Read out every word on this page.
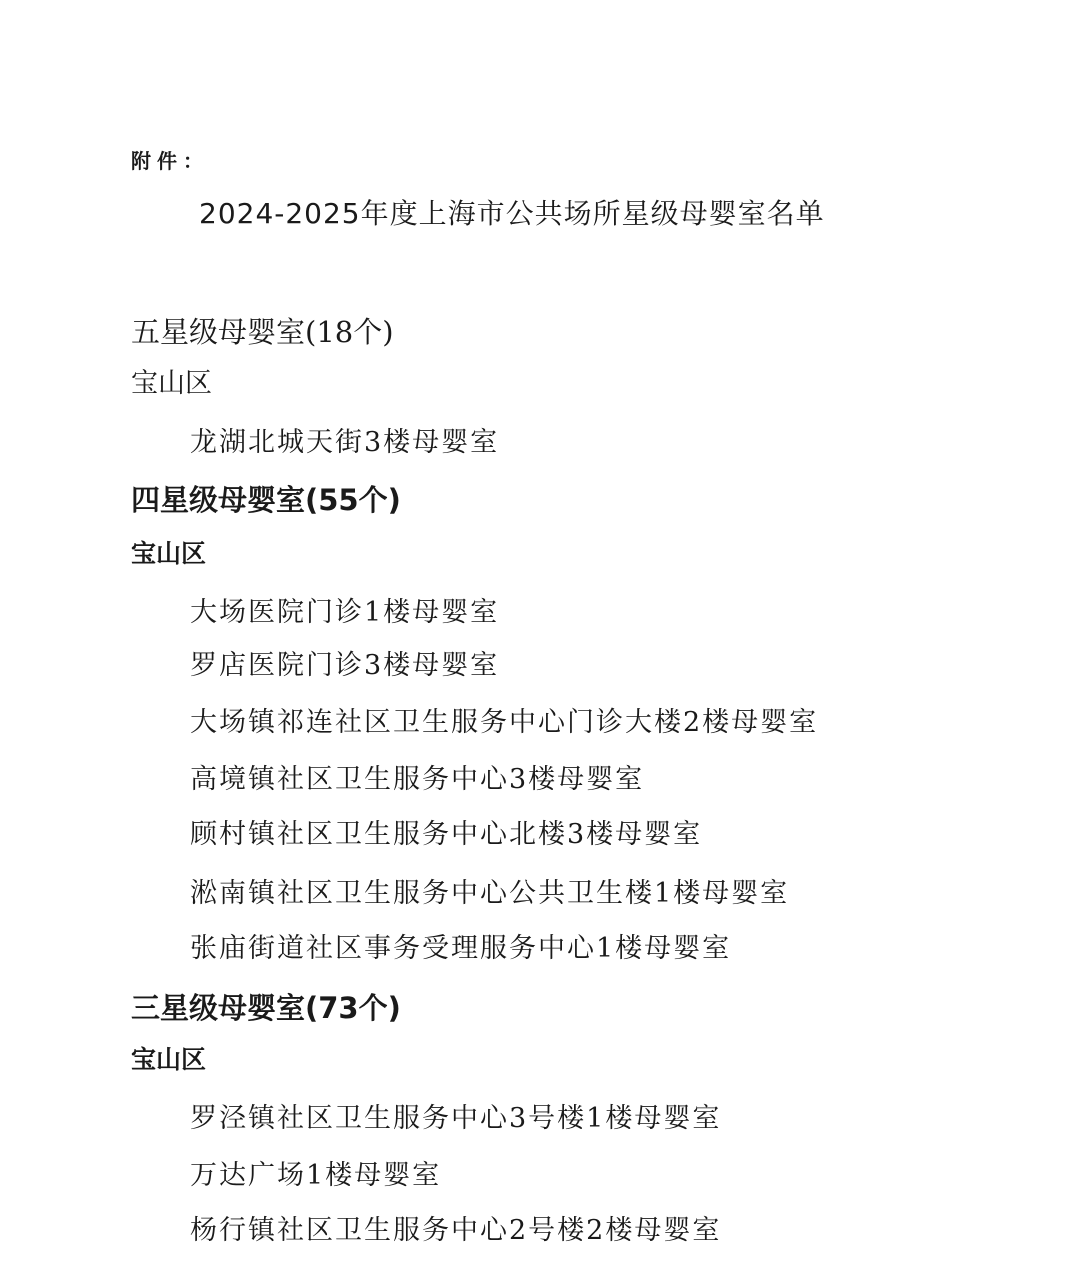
附件：
2024-2025年度上海市公共场所星级母婴室名单
五星级母婴室(18个)
宝山区
龙湖北城天街3楼母婴室
四星级母婴室(55个)
宝山区
大场医院门诊1楼母婴室
罗店医院门诊3楼母婴室
大场镇祁连社区卫生服务中心门诊大楼2楼母婴室
高境镇社区卫生服务中心3楼母婴室
顾村镇社区卫生服务中心北楼3楼母婴室
淞南镇社区卫生服务中心公共卫生楼1楼母婴室
张庙街道社区事务受理服务中心1楼母婴室
三星级母婴室(73个)
宝山区
罗泾镇社区卫生服务中心3号楼1楼母婴室
万达广场1楼母婴室
杨行镇社区卫生服务中心2号楼2楼母婴室
